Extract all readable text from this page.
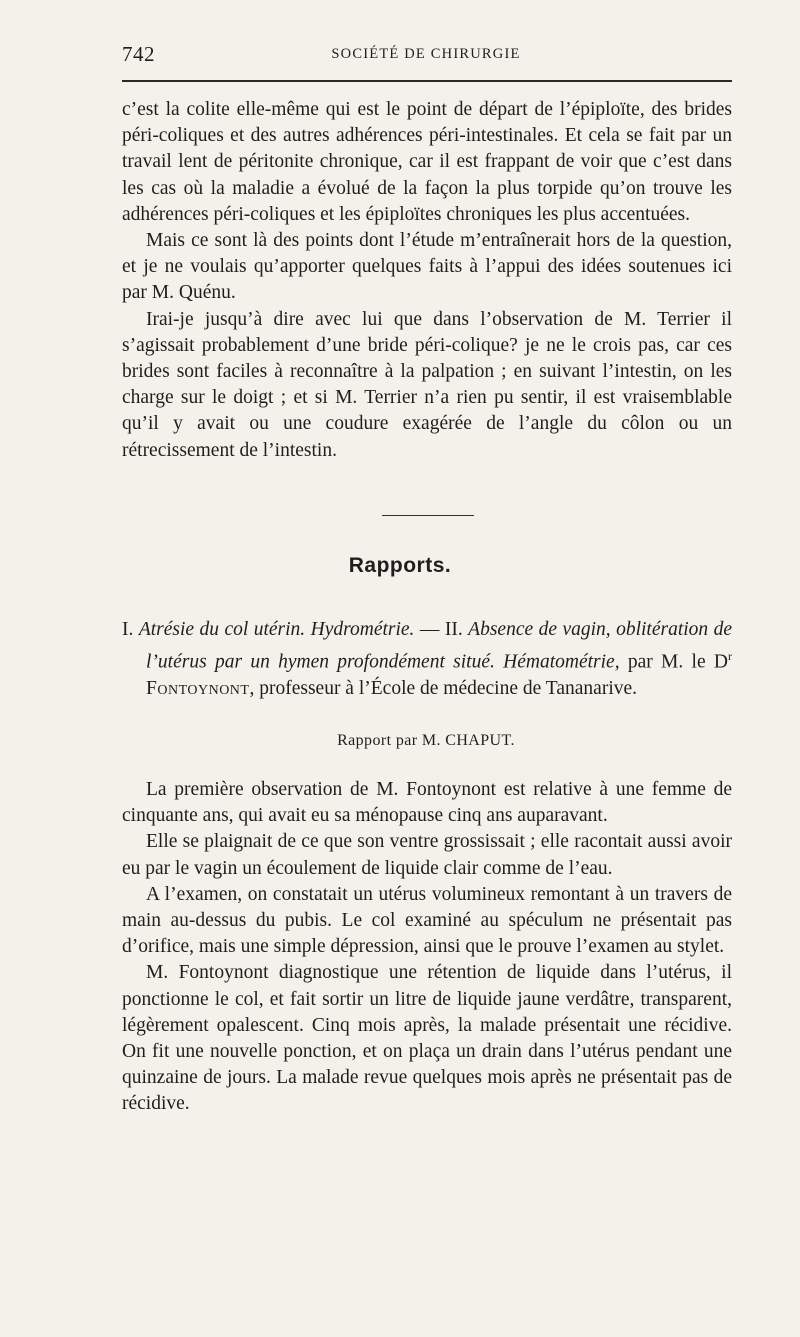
742	SOCIÉTÉ DE CHIRURGIE

c’est la colite elle-même qui est le point de départ de l’épiploïte, des brides péri-coliques et des autres adhérences péri-intestinales. Et cela se fait par un travail lent de péritonite chronique, car il est frappant de voir que c’est dans les cas où la maladie a évolué de la façon la plus torpide qu’on trouve les adhérences péri-coliques et les épiploïtes chroniques les plus accentuées.

Mais ce sont là des points dont l’étude m’entraînerait hors de la question, et je ne voulais qu’apporter quelques faits à l’appui des idées soutenues ici par M. Quénu.

Irai-je jusqu’à dire avec lui que dans l’observation de M. Terrier il s’agissait probablement d’une bride péri-colique? je ne le crois pas, car ces brides sont faciles à reconnaître à la palpation ; en suivant l’intestin, on les charge sur le doigt ; et si M. Terrier n’a rien pu sentir, il est vraisemblable qu’il y avait ou une coudure exagérée de l’angle du côlon ou un rétrecissement de l’intestin.

Rapports.

I. Atrésie du col utérin. Hydrométrie. — II. Absence de vagin, oblitération de l’utérus par un hymen profondément situé. Hématométrie, par M. le $D^r$ Fontoynont, professeur à l’École de médecine de Tananarive.

Rapport par M. CHAPUT.

La première observation de M. Fontoynont est relative à une femme de cinquante ans, qui avait eu sa ménopause cinq ans auparavant.

Elle se plaignait de ce que son ventre grossissait ; elle racontait aussi avoir eu par le vagin un écoulement de liquide clair comme de l’eau.

A l’examen, on constatait un utérus volumineux remontant à un travers de main au-dessus du pubis. Le col examiné au spéculum ne présentait pas d’orifice, mais une simple dépression, ainsi que le prouve l’examen au stylet.

M. Fontoynont diagnostique une rétention de liquide dans l’utérus, il ponctionne le col, et fait sortir un litre de liquide jaune verdâtre, transparent, légèrement opalescent. Cinq mois après, la malade présentait une récidive. On fit une nouvelle ponction, et on plaça un drain dans l’utérus pendant une quinzaine de jours. La malade revue quelques mois après ne présentait pas de récidive.
